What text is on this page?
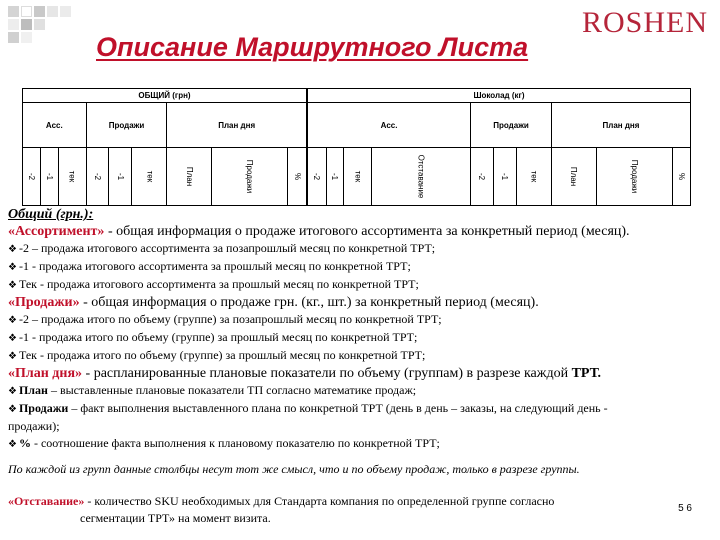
ROSHEN
Описание Маршрутного Листа
ОБЩИЙ (грн)									Шоколад (кг)									
Асс.			Продажи			План дня			Асс.				Продажи			План дня		
-2	-1	тек	-2	-1	тек	План	Продажи	%	-2	-1	тек	Отставание	-2	-1	тек	План	Продажи	%
Общий (грн.):
«Ассортимент» - общая информация о продаже итогового ассортимента за конкретный период (месяц).
❖ -2 – продажа итогового ассортимента за позапрошлый месяц по конкретной ТРТ;
❖ -1 - продажа итогового ассортимента за прошлый месяц по конкретной ТРТ;
❖ Тек - продажа итогового ассортимента за прошлый месяц по конкретной ТРТ;
«Продажи» - общая информация о продаже грн. (кг., шт.) за конкретный период (месяц).
❖ -2 – продажа итого по объему (группе) за позапрошлый месяц по конкретной ТРТ;
❖ -1 - продажа итого по объему (группе) за прошлый месяц по конкретной ТРТ;
❖ Тек - продажа итого по объему (группе) за прошлый месяц по конкретной ТРТ;
«План дня» - распланированные плановые показатели по объему (группам) в разрезе каждой ТРТ.
❖ План – выставленные плановые показатели ТП согласно математике продаж;
❖ Продажи – факт выполнения выставленного плана по конкретной ТРТ (день в день – заказы, на следующий день -
продажи);
❖ % - соотношение факта выполнения к плановому показателю по конкретной ТРТ;
По каждой из групп данные столбцы несут тот же смысл, что и по объему продаж, только в разрезе группы.
«Отставание» - количество SKU необходимых для Стандарта компания по определенной группе согласно
сегментации ТРТ» на момент визита.
5 6
